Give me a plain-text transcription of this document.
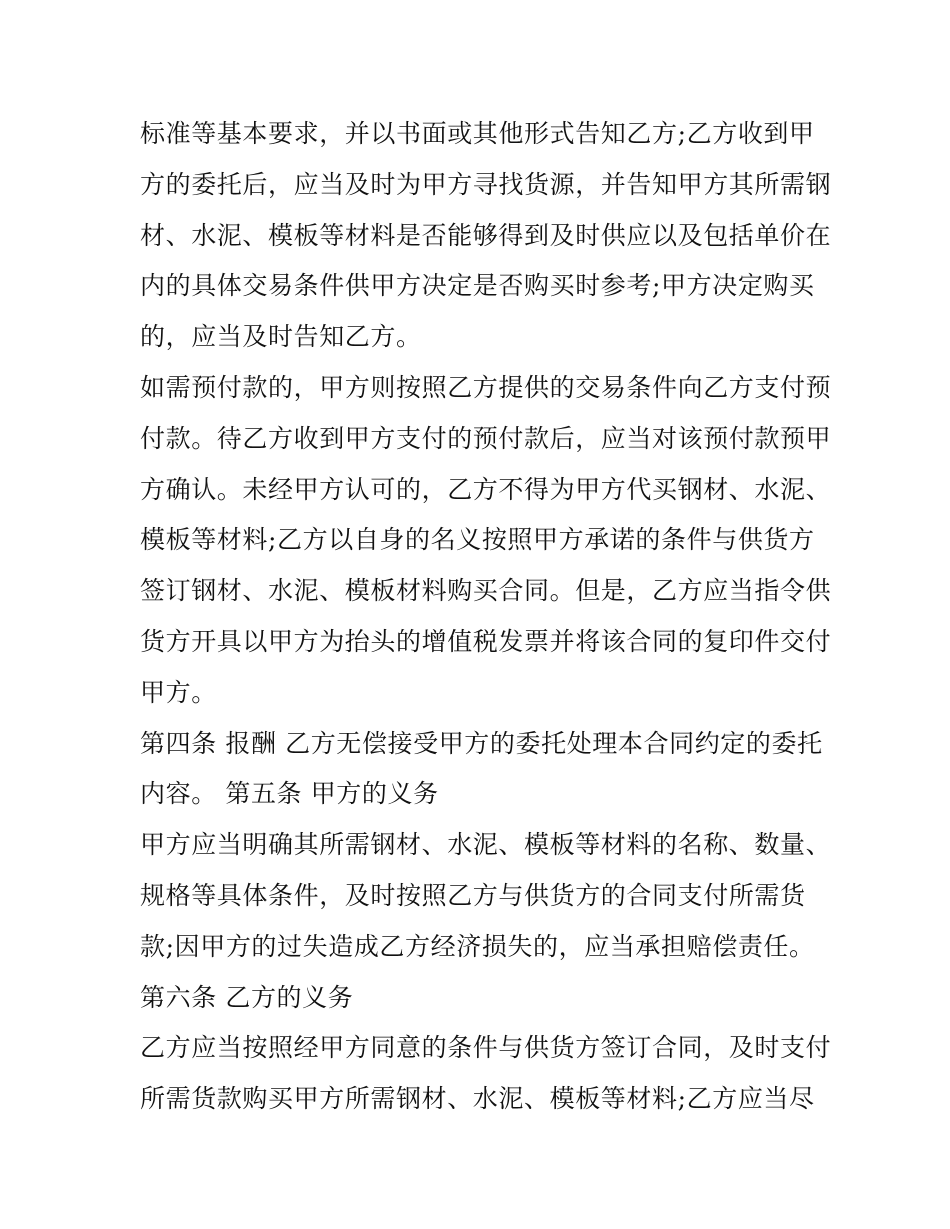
标准等基本要求，并以书面或其他形式告知乙方;乙方收到甲
方的委托后，应当及时为甲方寻找货源，并告知甲方其所需钢
材、水泥、模板等材料是否能够得到及时供应以及包括单价在
内的具体交易条件供甲方决定是否购买时参考;甲方决定购买
的，应当及时告知乙方。
如需预付款的，甲方则按照乙方提供的交易条件向乙方支付预
付款。待乙方收到甲方支付的预付款后，应当对该预付款预甲
方确认。未经甲方认可的，乙方不得为甲方代买钢材、水泥、
模板等材料;乙方以自身的名义按照甲方承诺的条件与供货方
签订钢材、水泥、模板材料购买合同。但是，乙方应当指令供
货方开具以甲方为抬头的增值税发票并将该合同的复印件交付
甲方。
第四条 报酬 乙方无偿接受甲方的委托处理本合同约定的委托
内容。 第五条 甲方的义务
甲方应当明确其所需钢材、水泥、模板等材料的名称、数量、
规格等具体条件，及时按照乙方与供货方的合同支付所需货
款;因甲方的过失造成乙方经济损失的，应当承担赔偿责任。
第六条 乙方的义务
乙方应当按照经甲方同意的条件与供货方签订合同，及时支付
所需货款购买甲方所需钢材、水泥、模板等材料;乙方应当尽
